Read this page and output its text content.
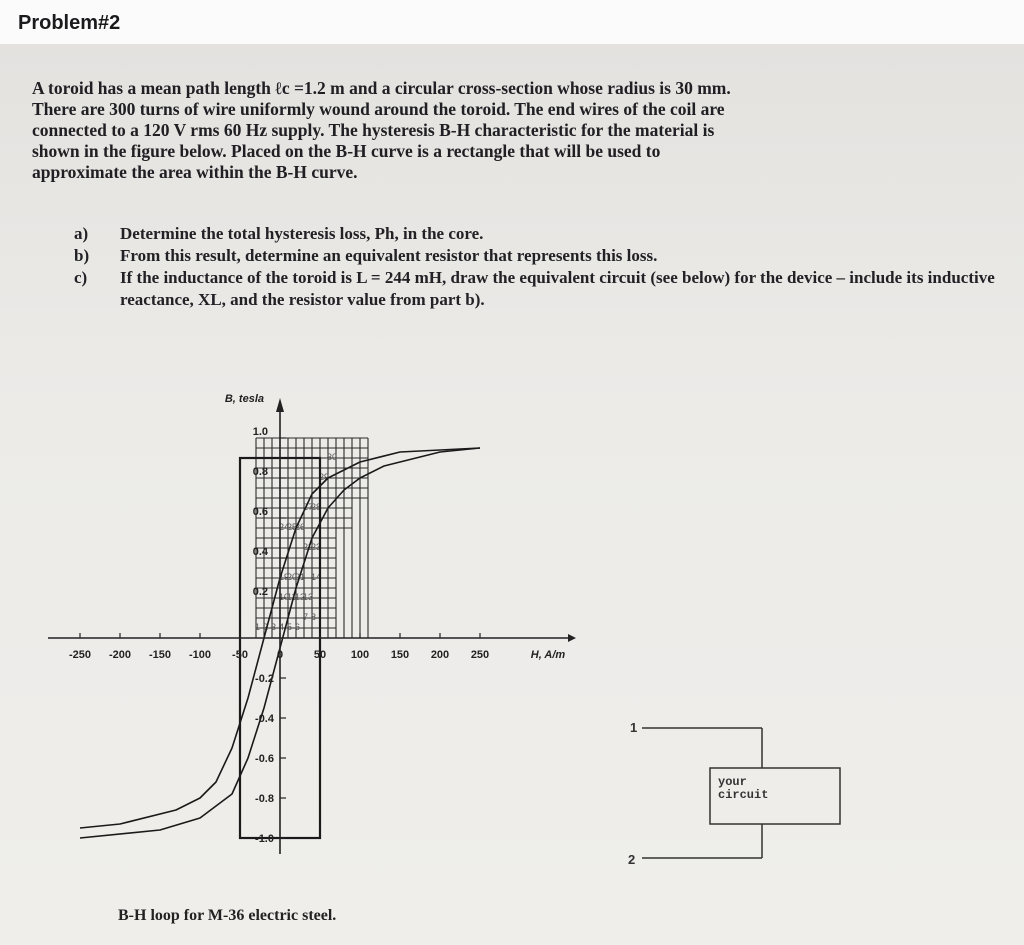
Problem#2

A toroid has a mean path length ℓc =1.2 m and a circular cross-section whose radius is 30 mm.

There are 300 turns of wire uniformly wound around the toroid. The end wires of the coil are

connected to a 120 V rms 60 Hz supply. The hysteresis B-H characteristic for the material is

shown in the figure below. Placed on the B-H curve is a rectangle that will be used to

approximate the area within the B-H curve.

a) Determine the total hysteresis loss, Ph, in the core.
b) From this result, determine an equivalent resistor that represents this loss.
c) If the inductance of the toroid is L = 244 mH, draw the equivalent circuit (see below) for the device – include its inductive reactance, XL, and the resistor value from part b).
1 2 3 4 5 6
7 8
10
11
12
13
14
19
20
21
22
23
24
25
26
27
28
29
30
-250 -200 -150 -100 -50	0	50 100 150 200 250	H, A/m
1.0
0.8
0.6
0.4
0.2
-0.2
-0.4
-0.6
-0.8
-1.0
B, tesla
B-H loop for M-36 electric steel.
1
2
your
circuit
